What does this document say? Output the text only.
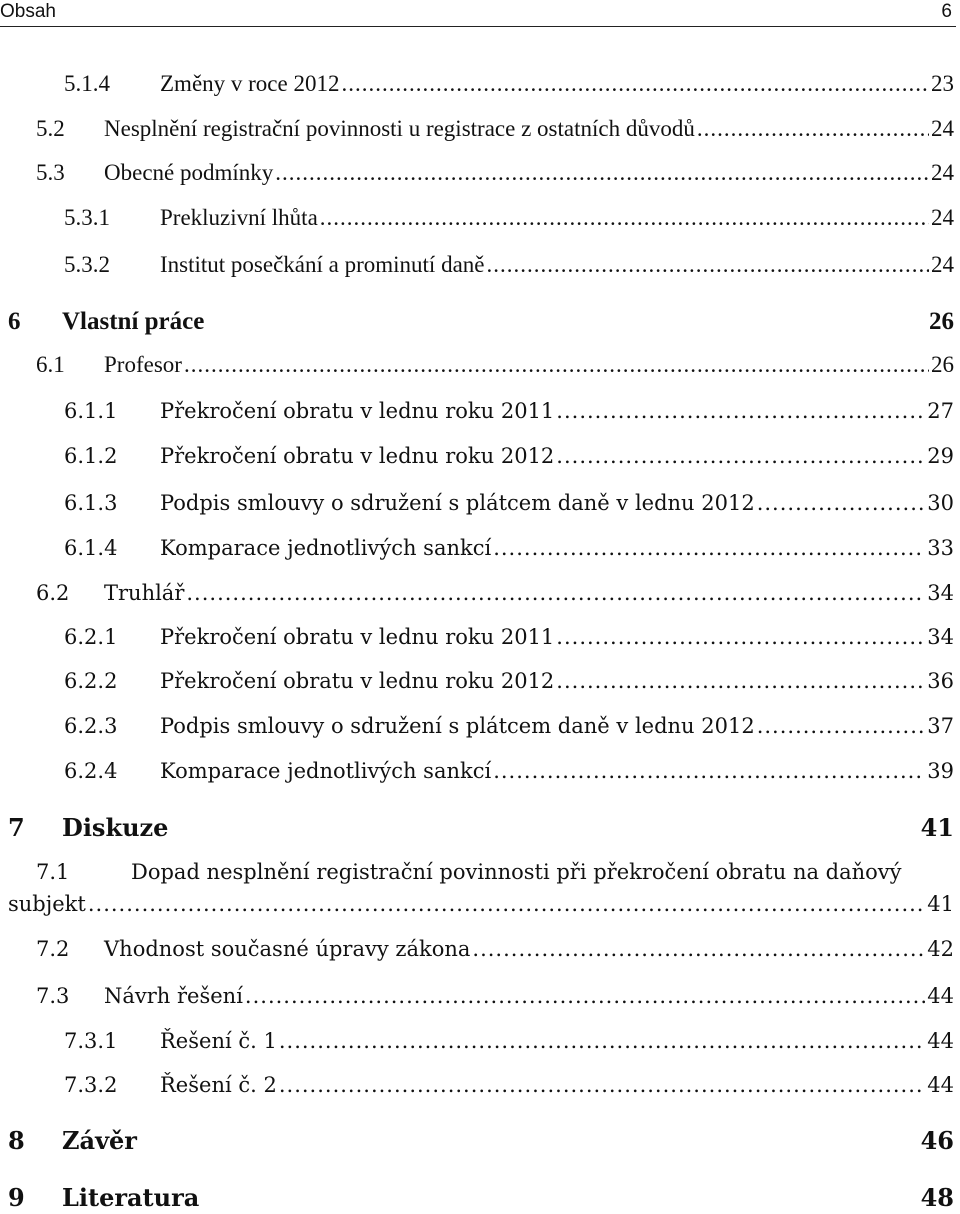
Obsah	6
5.1.4	Změny v roce 2012 .....	23
5.2	Nesplnění registrační povinnosti u registrace z ostatních důvodů .....	24
5.3	Obecné podmínky .....	24
5.3.1	Prekluzivní lhůta .....	24
5.3.2	Institut posečkání a prominutí daně .....	24
6	Vlastní práce	26
6.1	Profesor .....	26
6.1.1	Překročení obratu v lednu roku 2011 .....	27
6.1.2	Překročení obratu v lednu roku 2012 .....	29
6.1.3	Podpis smlouvy o sdružení s plátcem daně v lednu 2012 .....	30
6.1.4	Komparace jednotlivých sankcí .....	33
6.2	Truhlář .....	34
6.2.1	Překročení obratu v lednu roku 2011 .....	34
6.2.2	Překročení obratu v lednu roku 2012 .....	36
6.2.3	Podpis smlouvy o sdružení s plátcem daně v lednu 2012 .....	37
6.2.4	Komparace jednotlivých sankcí .....	39
7	Diskuze	41
7.1	Dopad nesplnění registrační povinnosti při překročení obratu na daňový
subjekt .....	41
7.2	Vhodnost současné úpravy zákona .....	42
7.3	Návrh řešení .....	44
7.3.1	Řešení č. 1 .....	44
7.3.2	Řešení č. 2 .....	44
8	Závěr	46
9	Literatura	48
